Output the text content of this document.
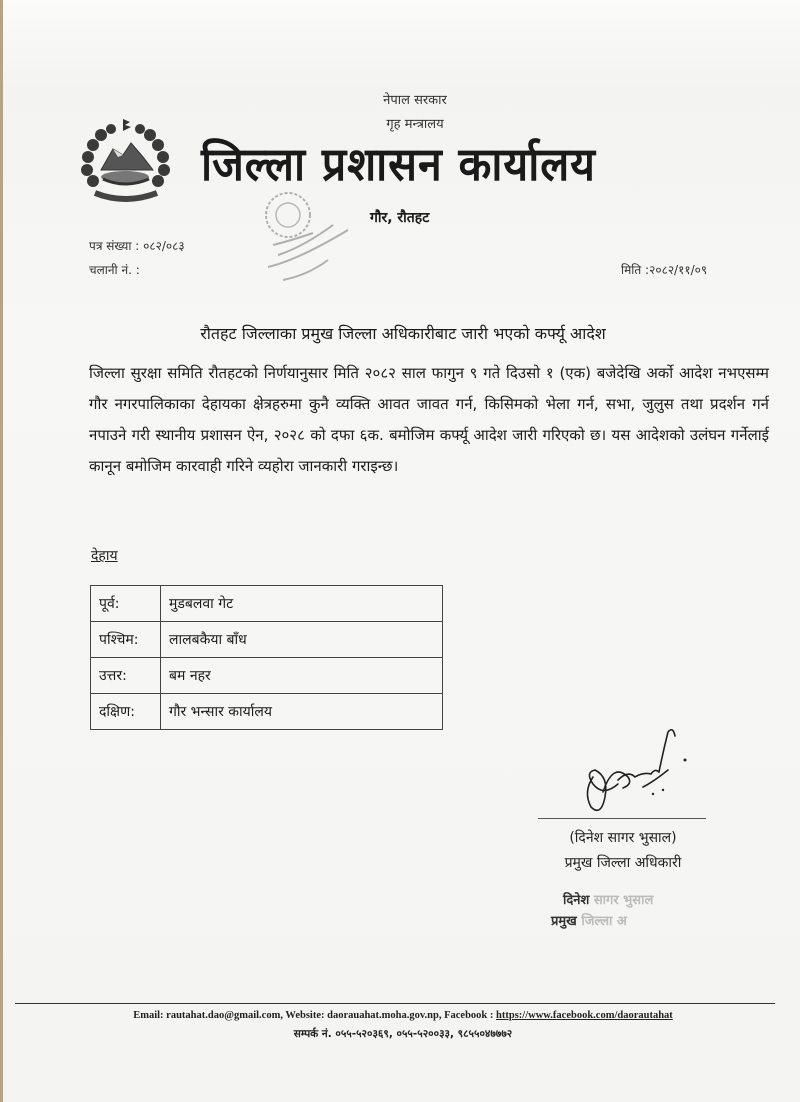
नेपाल सरकार
गृह मन्त्रालय
जिल्ला प्रशासन कार्यालय
गौर, रौतहट
पत्र संख्या : ०८२/०८३
चलानी नं. :	मिति :२०८२/११/०९
रौतहट जिल्लाका प्रमुख जिल्ला अधिकारीबाट जारी भएको कर्फ्यू आदेश
जिल्ला सुरक्षा समिति रौतहटको निर्णयानुसार मिति २०८२ साल फागुन ९ गते दिउसो १ (एक) बजेदेखि अर्को आदेश नभएसम्म गौर नगरपालिकाका देहायका क्षेत्रहरुमा कुनै व्यक्ति आवत जावत गर्न, किसिमको भेला गर्न, सभा, जुलुस तथा प्रदर्शन गर्न नपाउने गरी स्थानीय प्रशासन ऐन, २०२८ को दफा ६क. बमोजिम कर्फ्यू आदेश जारी गरिएको छ। यस आदेशको उलंघन गर्नेलाई कानून बमोजिम कारवाही गरिने व्यहोरा जानकारी गराइन्छ।
देहाय
पूर्व:	मुडबलवा गेट
पश्चिम:	लालबकैया बाँध
उत्तर:	बम नहर
दक्षिण:	गौर भन्सार कार्यालय
(दिनेश सागर भुसाल)
प्रमुख जिल्ला अधिकारी
दिनेश सागर भुसाल
प्रमुख जिल्ला अ
Email: rautahat.dao@gmail.com, Website: daorauahat.moha.gov.np, Facebook : https://www.facebook.com/daorautahat
सम्पर्क नं. ०५५-५२०३६९, ०५५-५२००३३, ९८५५०४७७७२
